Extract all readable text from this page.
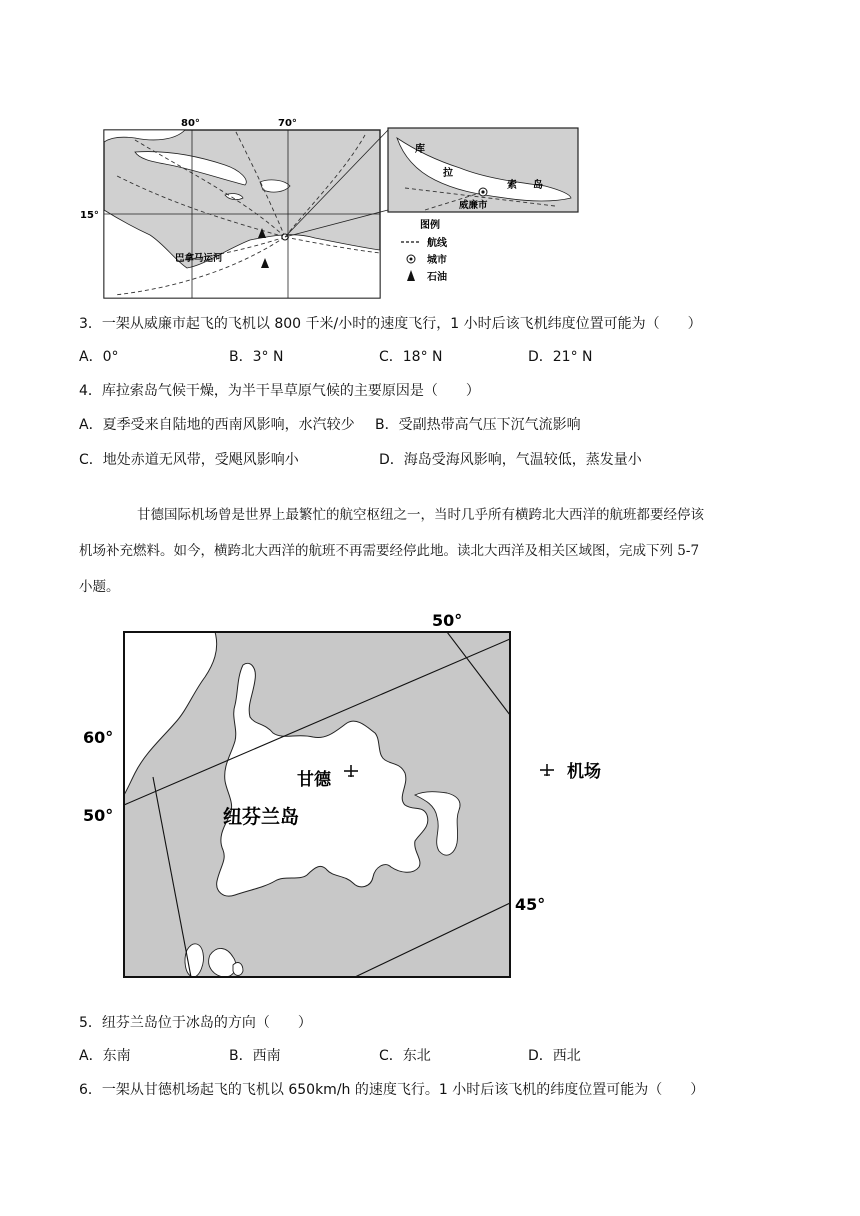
80°	70°
15°
巴拿马运河
库
拉
索 岛
威廉市
图例
航线
城市
石油
3．一架从威廉市起飞的飞机以 800 千米/小时的速度飞行，1 小时后该飞机纬度位置可能为（　　）
A．0°	B．3° N	C．18° N	D．21° N
4．库拉索岛气候干燥，为半干旱草原气候的主要原因是（　　）
A．夏季受来自陆地的西南风影响，水汽较少 B．受副热带高气压下沉气流影响
C．地处赤道无风带，受飓风影响小	D．海岛受海风影响，气温较低，蒸发量小
甘德国际机场曾是世界上最繁忙的航空枢纽之一，当时几乎所有横跨北大西洋的航班都要经停该
机场补充燃料。如今，横跨北大西洋的航班不再需要经停此地。读北大西洋及相关区域图，完成下列 5-7
小题。
50°
60°
50°
45°
甘德
纽芬兰岛
机场
5．纽芬兰岛位于冰岛的方向（　　）
A．东南	B．西南	C．东北	D．西北
6．一架从甘德机场起飞的飞机以 650km/h 的速度飞行。1 小时后该飞机的纬度位置可能为（　　）
